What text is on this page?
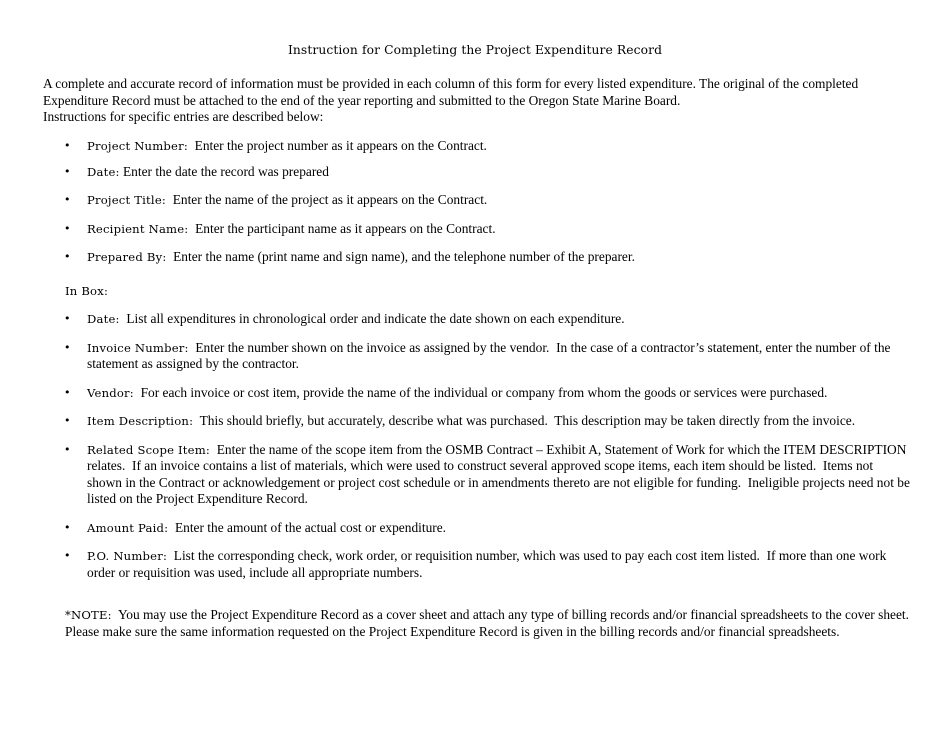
Instruction for Completing the Project Expenditure Record

A complete and accurate record of information must be provided in each column of this form for every listed expenditure. The original of the completed Expenditure Record must be attached to the end of the year reporting and submitted to the Oregon State Marine Board.

Instructions for specific entries are described below:

• Project Number:  Enter the project number as it appears on the Contract.
• Date: Enter the date the record was prepared
• Project Title:  Enter the name of the project as it appears on the Contract.
• Recipient Name:  Enter the participant name as it appears on the Contract.
• Prepared By:  Enter the name (print name and sign name), and the telephone number of the preparer.
In Box:
• Date:  List all expenditures in chronological order and indicate the date shown on each expenditure.
• Invoice Number:  Enter the number shown on the invoice as assigned by the vendor.  In the case of a contractor’s statement, enter the number of the statement as assigned by the contractor.
• Vendor:  For each invoice or cost item, provide the name of the individual or company from whom the goods or services were purchased.
• Item Description:  This should briefly, but accurately, describe what was purchased.  This description may be taken directly from the invoice.
• Related Scope Item:  Enter the name of the scope item from the OSMB Contract – Exhibit A, Statement of Work for which the ITEM DESCRIPTION relates.  If an invoice contains a list of materials, which were used to construct several approved scope items, each item should be listed.  Items not shown in the Contract or acknowledgement or project cost schedule or in amendments thereto are not eligible for funding.  Ineligible projects need not be listed on the Project Expenditure Record.
• Amount Paid:  Enter the amount of the actual cost or expenditure.
• P.O. Number:  List the corresponding check, work order, or requisition number, which was used to pay each cost item listed.  If more than one work order or requisition was used, include all appropriate numbers.
*NOTE:  You may use the Project Expenditure Record as a cover sheet and attach any type of billing records and/or financial spreadsheets to the cover sheet.  Please make sure the same information requested on the Project Expenditure Record is given in the billing records and/or financial spreadsheets.
